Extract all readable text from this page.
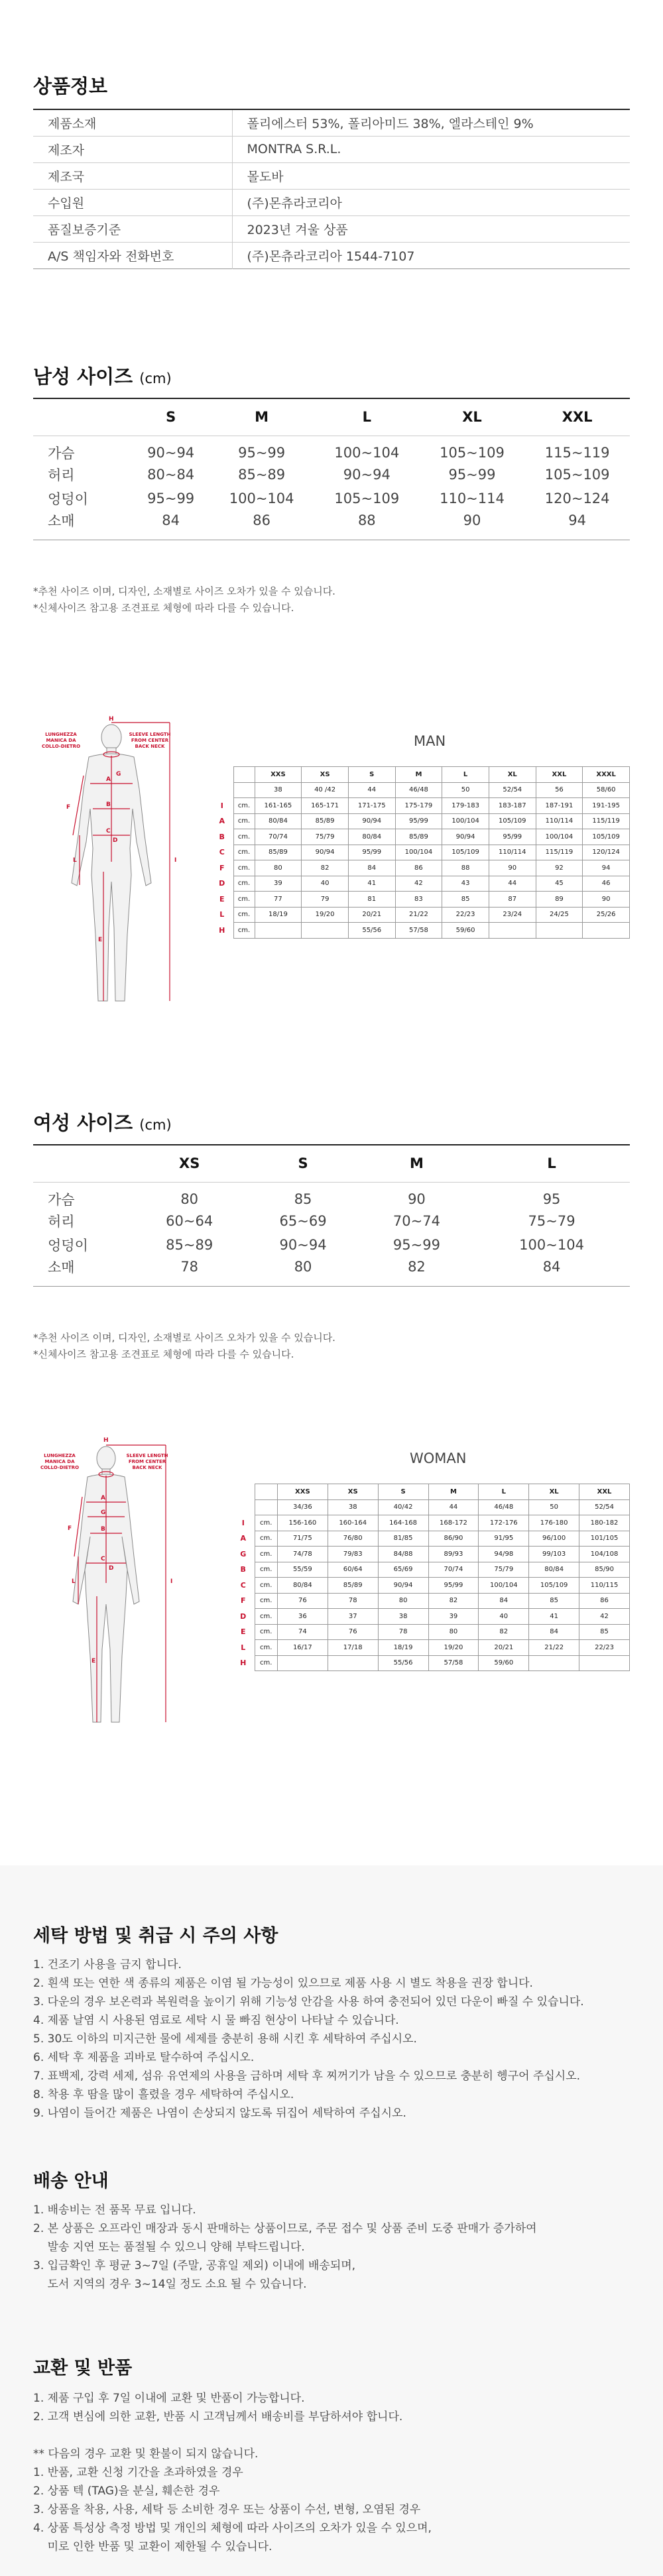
상품정보
제품소재	폴리에스터 53%, 폴리아미드 38%, 엘라스테인 9%
제조자	MONTRA S.R.L.
제조국	몰도바
수입원	(주)몬츄라코리아
품질보증기준	2023년 겨울 상품
A/S 책임자와 전화번호	(주)몬츄라코리아 1544-7107
남성 사이즈 (cm)
	S	M	L	XL	XXL
가슴	90~94	95~99	100~104	105~109	115~119
허리	80~84	85~89	90~94	95~99	105~109
엉덩이	95~99	100~104	105~109	110~114	120~124
소매	84	86	88	90	94
*추천 사이즈 이며, 디자인, 소재별로 사이즈 오차가 있을 수 있습니다.
*신체사이즈 참고용 조견표로 체형에 따라 다를 수 있습니다.
H
A
B
C
F
D
L
E
I
G
LUNGHEZZA MANICA DA COLLO-DIETRO
SLEEVE LENGTH FROM CENTER BACK NECK	MAN
		XXS	XS	S	M	L	XL	XXL	XXXL
		38	40 /42	44	46/48	50	52/54	56	58/60
I	cm.	161-165	165-171	171-175	175-179	179-183	183-187	187-191	191-195
A	cm.	80/84	85/89	90/94	95/99	100/104	105/109	110/114	115/119
B	cm.	70/74	75/79	80/84	85/89	90/94	95/99	100/104	105/109
C	cm.	85/89	90/94	95/99	100/104	105/109	110/114	115/119	120/124
F	cm.	80	82	84	86	88	90	92	94
D	cm.	39	40	41	42	43	44	45	46
E	cm.	77	79	81	83	85	87	89	90
L	cm.	18/19	19/20	20/21	21/22	22/23	23/24	24/25	25/26
H	cm.			55/56	57/58	59/60			
여성 사이즈 (cm)
	XS	S	M	L
가슴	80	85	90	95
허리	60~64	65~69	70~74	75~79
엉덩이	85~89	90~94	95~99	100~104
소매	78	80	82	84
*추천 사이즈 이며, 디자인, 소재별로 사이즈 오차가 있을 수 있습니다.
*신체사이즈 참고용 조견표로 체형에 따라 다를 수 있습니다.
H
A
G
B
C
F
D
L
E
I
LUNGHEZZA MANICA DA COLLO-DIETRO
SLEEVE LENGTH FROM CENTER BACK NECK
WOMAN
		XXS	XS	S	M	L	XL	XXL
		34/36	38	40/42	44	46/48	50	52/54
I	cm.	156-160	160-164	164-168	168-172	172-176	176-180	180-182
A	cm.	71/75	76/80	81/85	86/90	91/95	96/100	101/105
G	cm.	74/78	79/83	84/88	89/93	94/98	99/103	104/108
B	cm.	55/59	60/64	65/69	70/74	75/79	80/84	85/90
C	cm.	80/84	85/89	90/94	95/99	100/104	105/109	110/115
F	cm.	76	78	80	82	84	85	86
D	cm.	36	37	38	39	40	41	42
E	cm.	74	76	78	80	82	84	85
L	cm.	16/17	17/18	18/19	19/20	20/21	21/22	22/23
H	cm.			55/56	57/58	59/60		
세탁 방법 및 취급 시 주의 사항
1. 건조기 사용을 금지 합니다.
2. 흰색 또는 연한 색 종류의 제품은 이염 될 가능성이 있으므로 제품 사용 시 별도 착용을 권장 합니다.
3. 다운의 경우 보온력과 복원력을 높이기 위해 기능성 안감을 사용 하여 충전되어 있던 다운이 빠질 수 있습니다.
4. 제품 날염 시 사용된 염료로 세탁 시 물 빠짐 현상이 나타날 수 있습니다.
5. 30도 이하의 미지근한 물에 세제를 충분히 용해 시킨 후 세탁하여 주십시오.
6. 세탁 후 제품을 괴바로 탈수하여 주십시오.
7. 표백제, 강력 세제, 섬유 유연제의 사용을 금하며 세탁 후 찌꺼기가 남을 수 있으므로 충분히 헹구어 주십시오.
8. 착용 후 땀을 많이 흘렸을 경우 세탁하여 주십시오.
9. 나염이 들어간 제품은 나염이 손상되지 않도록 뒤집어 세탁하여 주십시오.
배송 안내
1. 배송비는 전 품목 무료 입니다.
2. 본 상품은 오프라인 매장과 동시 판매하는 상품이므로, 주문 접수 및 상품 준비 도중 판매가 증가하여
발송 지연 또는 품절될 수 있으니 양해 부탁드립니다.
3. 입금확인 후 평균 3~7일 (주말, 공휴일 제외) 이내에 배송되며,
도서 지역의 경우 3~14일 정도 소요 될 수 있습니다.
교환 및 반품
1. 제품 구입 후 7일 이내에 교환 및 반품이 가능합니다.
2. 고객 변심에 의한 교환, 반품 시 고객님께서 배송비를 부담하셔야 합니다.
** 다음의 경우 교환 및 환불이 되지 않습니다.
1. 반품, 교환 신청 기간을 초과하였을 경우
2. 상품 텍 (TAG)을 분실, 훼손한 경우
3. 상품을 착용, 사용, 세탁 등 소비한 경우 또는 상품이 수선, 변형, 오염된 경우
4. 상품 특성상 측정 방법 및 개인의 체형에 따라 사이즈의 오차가 있을 수 있으며,
미로 인한 반품 및 교환이 제한될 수 있습니다.
